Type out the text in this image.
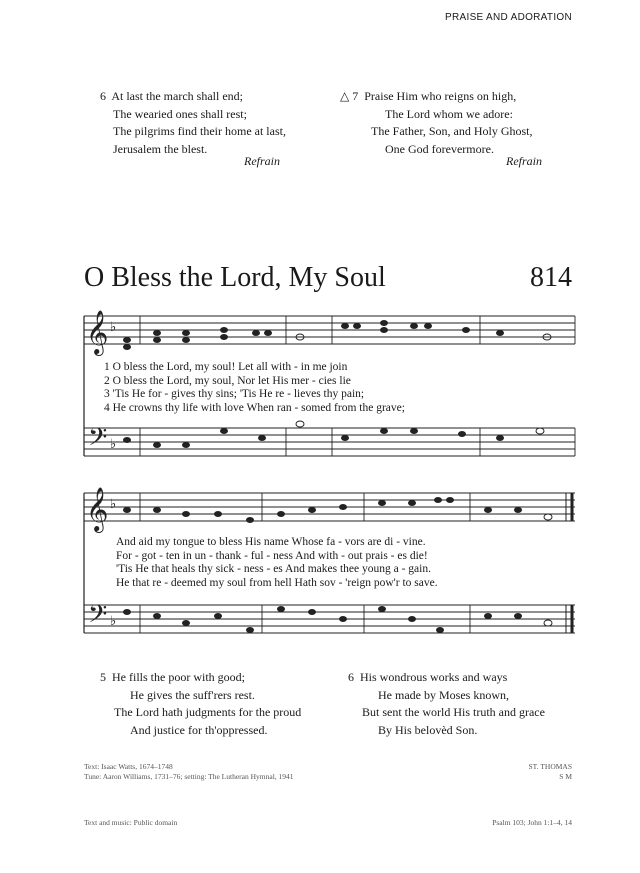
PRAISE AND ADORATION
6 At last the march shall end;
The wearied ones shall rest;
The pilgrims find their home at last,
Jerusalem the blest.
Refrain
△ 7 Praise Him who reigns on high,
The Lord whom we adore:
The Father, Son, and Holy Ghost,
One God forevermore.
Refrain
O Bless the Lord, My Soul	814
𝄞
𝄞
𝄢
𝄢
♭
♭
♭
♭
1 O bless the Lord, my soul! Let all with - in me join
2 O bless the Lord, my soul, Nor let His mer - cies lie
3 'Tis He for - gives thy sins; 'Tis He re - lieves thy pain;
4 He crowns thy life with love When ran - somed from the grave;
And aid my tongue to bless His name Whose fa - vors are di - vine.
For - got - ten in un - thank - ful - ness And with - out prais - es die!
'Tis He that heals thy sick - ness - es And makes thee young a - gain.
He that re - deemed my soul from hell Hath sov - 'reign pow'r to save.
5 He fills the poor with good;
He gives the suff'rers rest.
The Lord hath judgments for the proud
And justice for th'oppressed.
6 His wondrous works and ways
He made by Moses known,
But sent the world His truth and grace
By His belovèd Son.
Text: Isaac Watts, 1674–1748
Tune: Aaron Williams, 1731–76; setting: The Lutheran Hymnal, 1941
ST. THOMAS
S M
Text and music: Public domain	Psalm 103; John 1:1–4, 14
